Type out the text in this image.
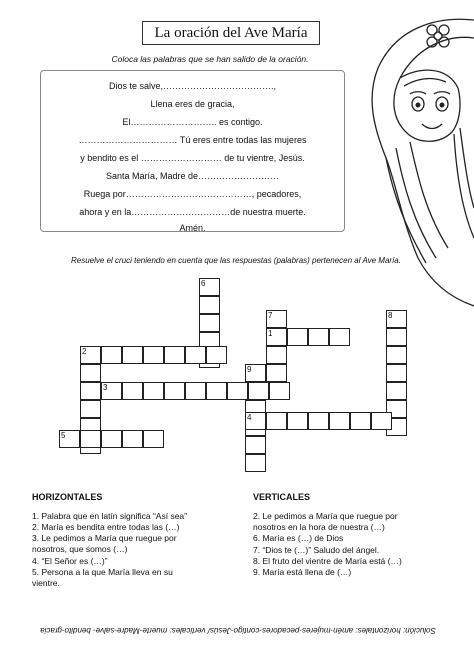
La oración del Ave María
Coloca las palabras que se han salido de la oración.
Dios te salve,……………………………….,
Llena eres de gracia,
El……………………….. es contigo.
…………………………… Tú eres entre todas las mujeres
y bendito es el ……………………… de tu vientre, Jesús.
Santa María, Madre de………………………
Ruega por……………………………………, pecadores,
ahora y en la……………………………de nuestra muerte.
Amén.
Resuelve el cruci teniendo en cuenta que las respuestas (palabras) pertenecen al Ave María.
6
7	8
1
2
9
3
4
5
HORIZONTALES
1. Palabra que en latín significa “Así sea”
2. María es bendita entre todas las (…)
3. Le pedimos a María que ruegue por
nosotros, que somos (…)
4. “El Señor es (…)”
5. Persona a la que María lleva en su
vientre.
VERTICALES
2. Le pedimos a María que ruegue por
nosotros en la hora de nuestra (…)
6. María es (…) de Dios
7. “Dios te (…)” Saludo del ángel.
8. El fruto del vientre de María está (…)
9. María está llena de (…)
Solución: horizontales: amén-mujeres-pecadores-contigo-Jesús/ verticales: muerte-Madre-salve- bendito-gracia
